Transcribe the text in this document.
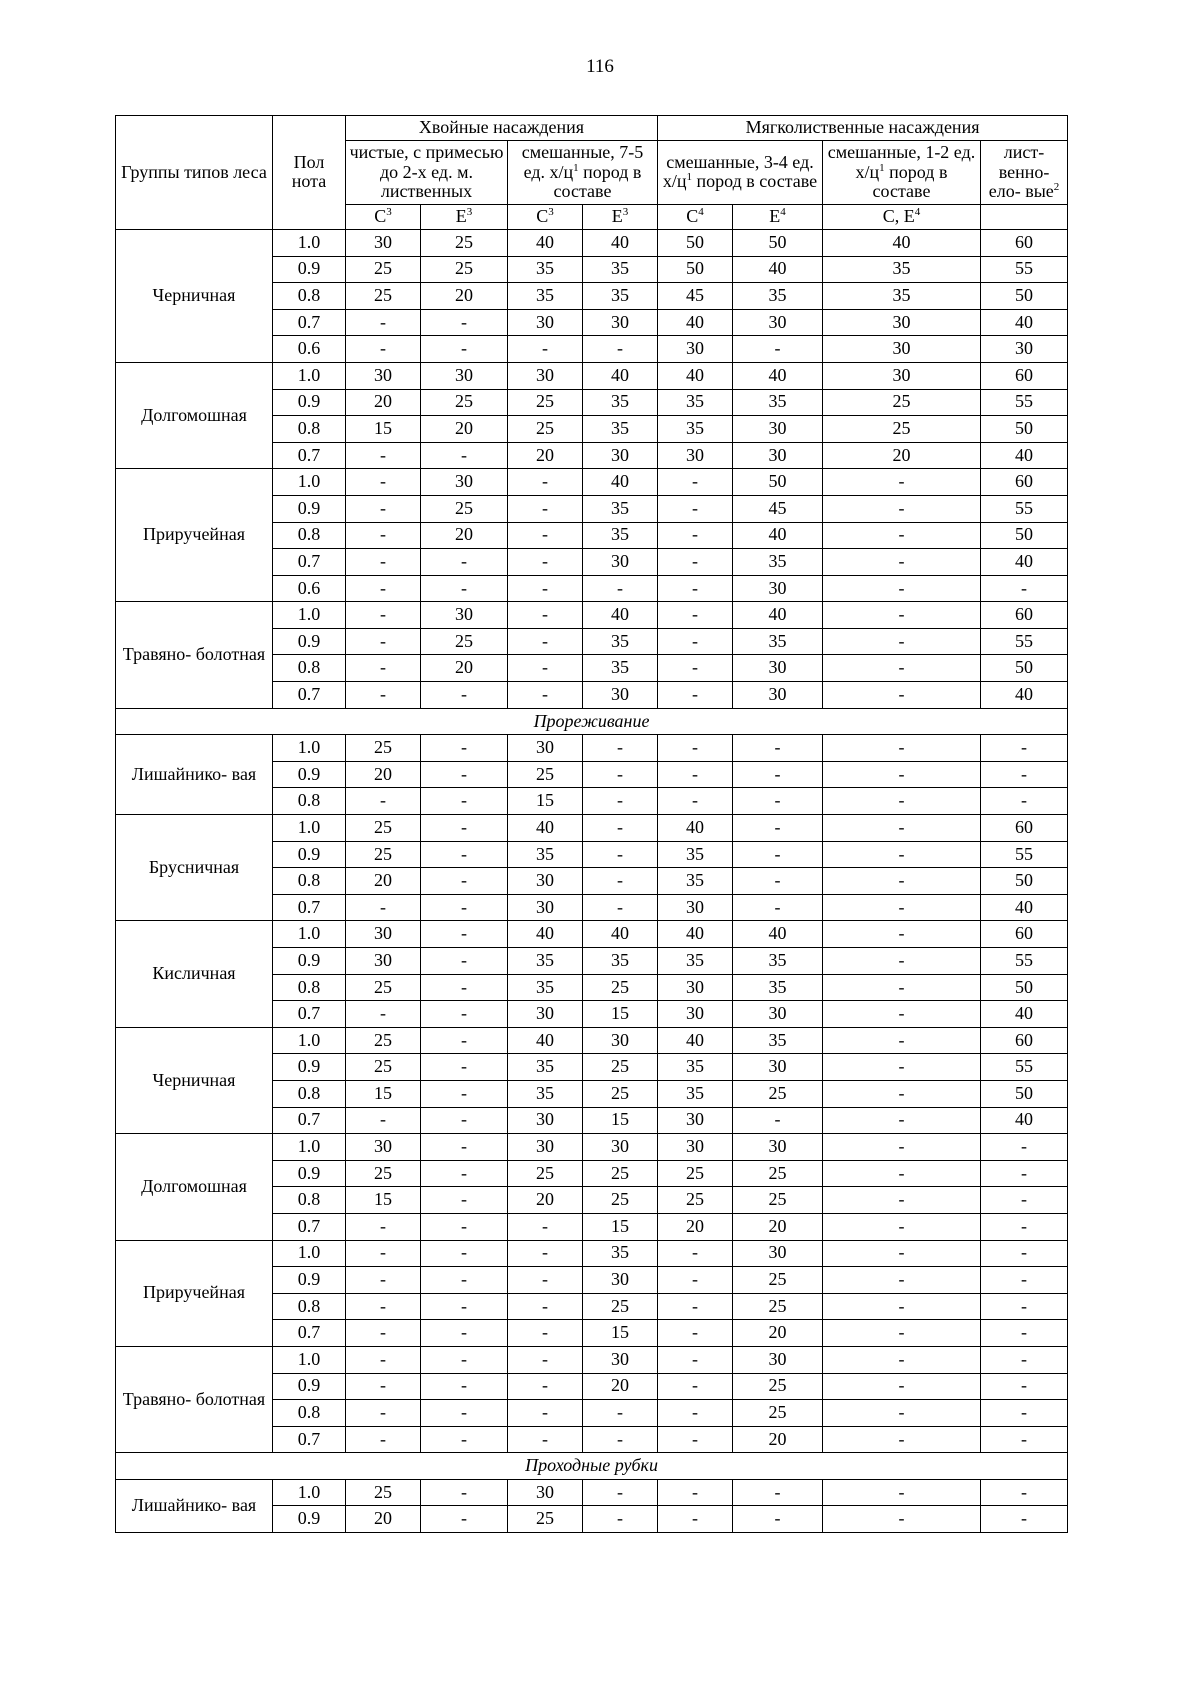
116
Группы типов леса	Пол нота	Хвойные насаждения				Мягколиственные насаждения			
		чистые, с примесью до 2-х ед. м. лиственных		смешанные, 7-5 ед. $х/ц^1$ пород в составе		смешанные, 3-4 ед. $х/ц^1$ пород в составе		смешанные, 1-2 ед. $х/ц^1$ пород в составе	лист- венно- ело- вые$^2$
		$С^3$	$Е^3$	$С^3$	$Е^3$	$С^4$	$Е^4$	С, $Е^4$	
Черничная	1.0	30	25	40	40	50	50	40	60
	0.9	25	25	35	35	50	40	35	55
	0.8	25	20	35	35	45	35	35	50
	0.7	-	-	30	30	40	30	30	40
	0.6	-	-	-	-	30	-	30	30
Долгомошная	1.0	30	30	30	40	40	40	30	60
	0.9	20	25	25	35	35	35	25	55
	0.8	15	20	25	35	35	30	25	50
	0.7	-	-	20	30	30	30	20	40
Приручейная	1.0	-	30	-	40	-	50	-	60
	0.9	-	25	-	35	-	45	-	55
	0.8	-	20	-	35	-	40	-	50
	0.7	-	-	-	30	-	35	-	40
	0.6	-	-	-	-	-	30	-	-
Травяно- болотная	1.0	-	30	-	40	-	40	-	60
	0.9	-	25	-	35	-	35	-	55
	0.8	-	20	-	35	-	30	-	50
	0.7	-	-	-	30	-	30	-	40
Прореживание									
Лишайнико- вая	1.0	25	-	30	-	-	-	-	-
	0.9	20	-	25	-	-	-	-	-
	0.8	-	-	15	-	-	-	-	-
Брусничная	1.0	25	-	40	-	40	-	-	60
	0.9	25	-	35	-	35	-	-	55
	0.8	20	-	30	-	35	-	-	50
	0.7	-	-	30	-	30	-	-	40
Кисличная	1.0	30	-	40	40	40	40	-	60
	0.9	30	-	35	35	35	35	-	55
	0.8	25	-	35	25	30	35	-	50
	0.7	-	-	30	15	30	30	-	40
Черничная	1.0	25	-	40	30	40	35	-	60
	0.9	25	-	35	25	35	30	-	55
	0.8	15	-	35	25	35	25	-	50
	0.7	-	-	30	15	30	-	-	40
Долгомошная	1.0	30	-	30	30	30	30	-	-
	0.9	25	-	25	25	25	25	-	-
	0.8	15	-	20	25	25	25	-	-
	0.7	-	-	-	15	20	20	-	-
Приручейная	1.0	-	-	-	35	-	30	-	-
	0.9	-	-	-	30	-	25	-	-
	0.8	-	-	-	25	-	25	-	-
	0.7	-	-	-	15	-	20	-	-
Травяно- болотная	1.0	-	-	-	30	-	30	-	-
	0.9	-	-	-	20	-	25	-	-
	0.8	-	-	-	-	-	25	-	-
	0.7	-	-	-	-	-	20	-	-
Проходные рубки									
Лишайнико- вая	1.0	25	-	30	-	-	-	-	-
	0.9	20	-	25	-	-	-	-	-
